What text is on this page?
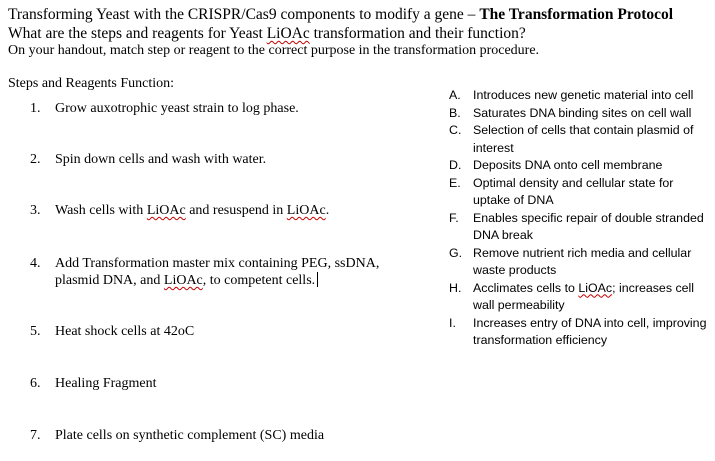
Transforming Yeast with the CRISPR/Cas9 components to modify a gene – The Transformation Protocol
What are the steps and reagents for Yeast LiOAc transformation and their function?
On your handout, match step or reagent to the correct purpose in the transformation procedure.
Steps and Reagents Function:
1. Grow auxotrophic yeast strain to log phase.
2. Spin down cells and wash with water.
3. Wash cells with LiOAc and resuspend in LiOAc.
4. Add Transformation master mix containing PEG, ssDNA,
plasmid DNA, and LiOAc, to competent cells.
5. Heat shock cells at 42oC
6. Healing Fragment
7. Plate cells on synthetic complement (SC) media
A. Introduces new genetic material into cell
B. Saturates DNA binding sites on cell wall
C. Selection of cells that contain plasmid of interest
D. Deposits DNA onto cell membrane
E. Optimal density and cellular state for uptake of DNA
F.	Enables specific repair of double stranded DNA break
G. Remove nutrient rich media and cellular waste products
H. Acclimates cells to LiOAc; increases cell wall permeability
I.	Increases entry of DNA into cell, improving transformation efficiency
